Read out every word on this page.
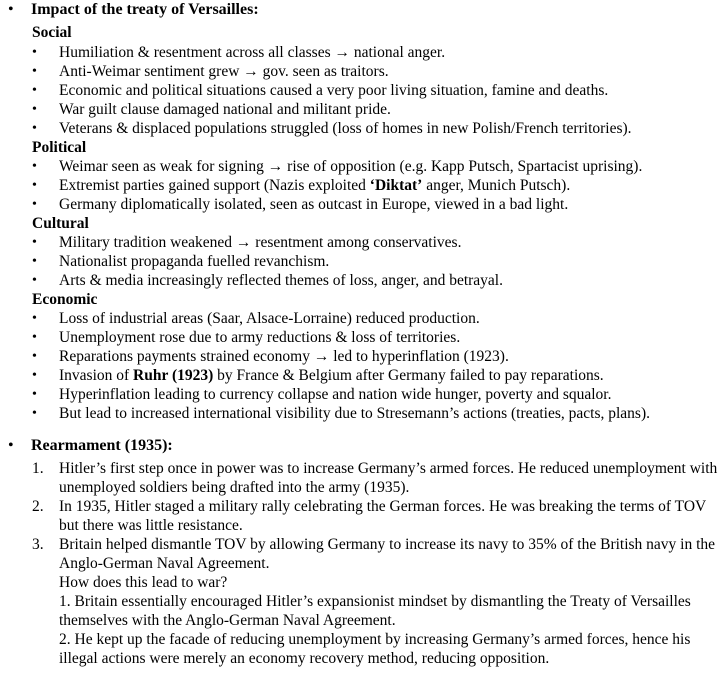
• Impact of the treaty of Versailles:
Social
•	Humiliation & resentment across all classes → national anger.
•	Anti-Weimar sentiment grew → gov. seen as traitors.
•	Economic and political situations caused a very poor living situation, famine and deaths.
•	War guilt clause damaged national and militant pride.
•	Veterans & displaced populations struggled (loss of homes in new Polish/French territories).
Political
•	Weimar seen as weak for signing → rise of opposition (e.g. Kapp Putsch, Spartacist uprising).
•	Extremist parties gained support (Nazis exploited ‘Diktat’ anger, Munich Putsch).
•	Germany diplomatically isolated, seen as outcast in Europe, viewed in a bad light.
Cultural
•	Military tradition weakened → resentment among conservatives.
•	Nationalist propaganda fuelled revanchism.
•	Arts & media increasingly reflected themes of loss, anger, and betrayal.
Economic
•	Loss of industrial areas (Saar, Alsace-Lorraine) reduced production.
•	Unemployment rose due to army reductions & loss of territories.
•	Reparations payments strained economy → led to hyperinflation (1923).
•	Invasion of Ruhr (1923) by France & Belgium after Germany failed to pay reparations.
•	Hyperinflation leading to currency collapse and nation wide hunger, poverty and squalor.
•	But lead to increased international visibility due to Stresemann’s actions (treaties, pacts, plans).
• Rearmament (1935):
1. Hitler’s first step once in power was to increase Germany’s armed forces. He reduced unemployment with unemployed soldiers being drafted into the army (1935).
2. In 1935, Hitler staged a military rally celebrating the German forces. He was breaking the terms of TOV but there was little resistance.
3. Britain helped dismantle TOV by allowing Germany to increase its navy to 35% of the British navy in the Anglo-German Naval Agreement.
How does this lead to war?
1. Britain essentially encouraged Hitler’s expansionist mindset by dismantling the Treaty of Versailles themselves with the Anglo-German Naval Agreement.
2. He kept up the facade of reducing unemployment by increasing Germany’s armed forces, hence his illegal actions were merely an economy recovery method, reducing opposition.
